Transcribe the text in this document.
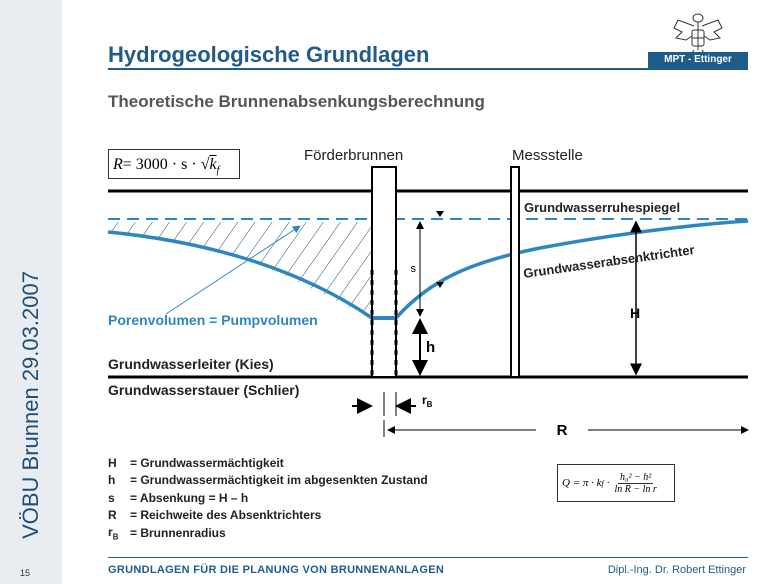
VÖBU Brunnen 29.03.2007
15
MPT - Ettinger
Hydrogeologische Grundlagen
Theoretische Brunnenabsenkungsberechnung
$R= 3000 \cdot s \cdot √k_f$
s
h
H
$r_B$
R
Förderbrunnen	Messstelle
Grundwasserruhespiegel
Grundwasserabsenktrichter
Porenvolumen = Pumpvolumen
Grundwasserleiter (Kies)
Grundwasserstauer (Schlier)
H	= Grundwassermächtigkeit
h	= Grundwassermächtigkeit im abgesenkten Zustand
s	= Absenkung = H – h
R	= Reichweite des Absenktrichters
$r_B$ = Brunnenradius
Q = π · k $f \cdot \frac{\text{h₀² − h²}}{\text{ln R − ln r}}$
GRUNDLAGEN FÜR DIE PLANUNG VON BRUNNENANLAGEN	Dipl.-Ing. Dr. Robert Ettinger
